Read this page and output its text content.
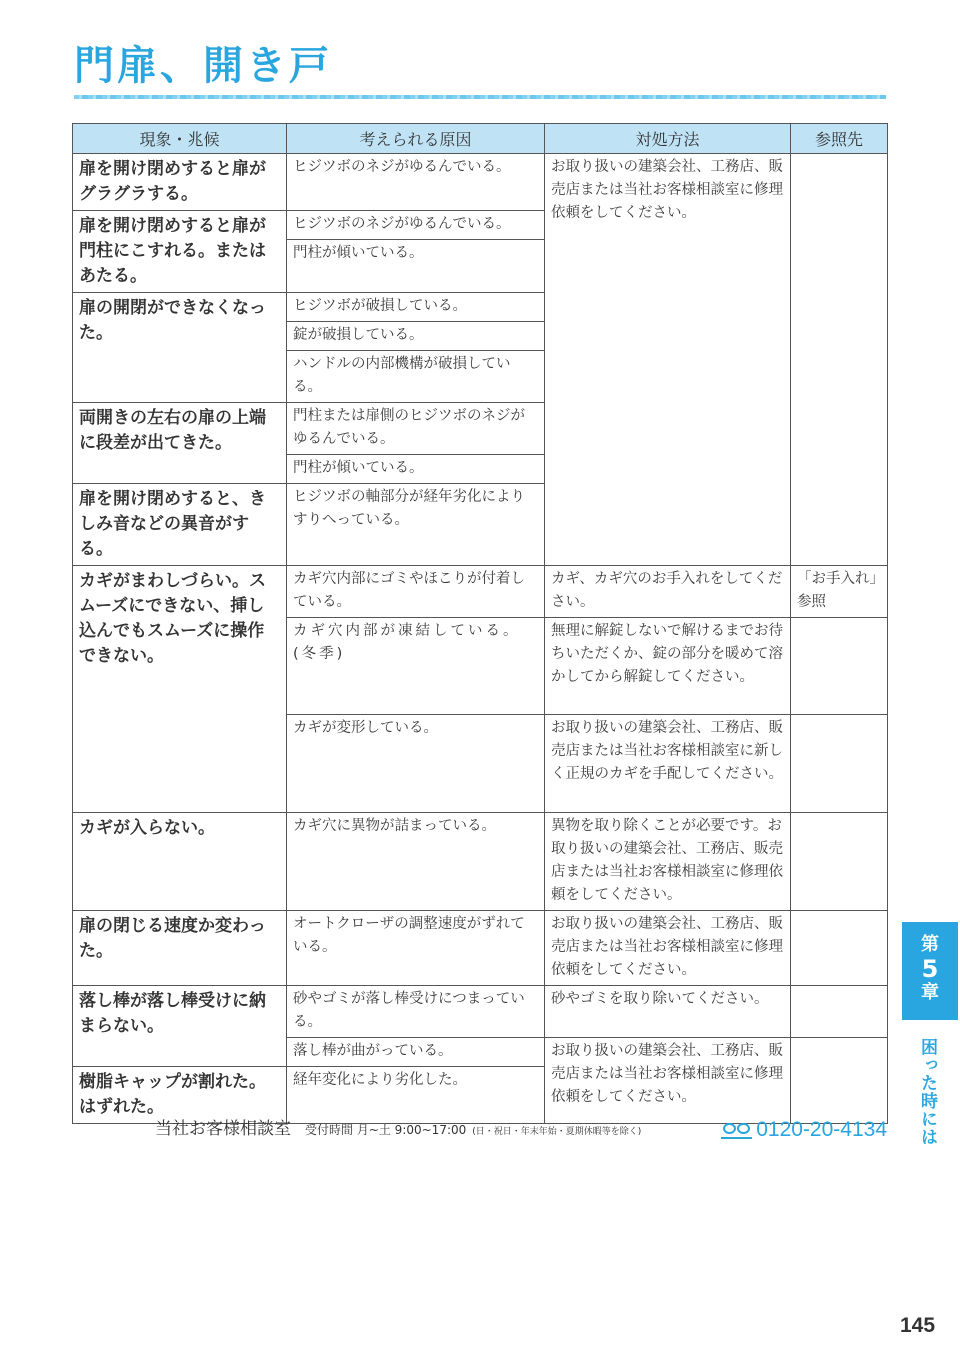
門扉、開き戸
現象・兆候	考えられる原因	対処方法	参照先
扉を開け閉めすると扉がグラグラする。	ヒジツボのネジがゆるんでいる。	お取り扱いの建築会社、工務店、販売店または当社お客様相談室に修理依頼をしてください。	
扉を開け閉めすると扉が門柱にこすれる。またはあたる。	ヒジツボのネジがゆるんでいる。		
	門柱が傾いている。		
扉の開閉ができなくなった。	ヒジツボが破損している。		
	錠が破損している。		
	ハンドルの内部機構が破損している。		
両開きの左右の扉の上端に段差が出てきた。	門柱または扉側のヒジツボのネジがゆるんでいる。		
	門柱が傾いている。		
扉を開け閉めすると、きしみ音などの異音がする。	ヒジツボの軸部分が経年劣化によりすりへっている。		
カギがまわしづらい。スムーズにできない、挿し込んでもスムーズに操作できない。	カギ穴内部にゴミやほこりが付着している。	カギ、カギ穴のお手入れをしてください。	「お手入れ」参照
	カギ穴内部が凍結している。(冬季)	無理に解錠しないで解けるまでお待ちいただくか、錠の部分を暖めて溶かしてから解錠してください。	
	カギが変形している。	お取り扱いの建築会社、工務店、販売店または当社お客様相談室に新しく正規のカギを手配してください。	
カギが入らない。	カギ穴に異物が詰まっている。	異物を取り除くことが必要です。お取り扱いの建築会社、工務店、販売店または当社お客様相談室に修理依頼をしてください。	
扉の閉じる速度か変わった。	オートクローザの調整速度がずれている。	お取り扱いの建築会社、工務店、販売店または当社お客様相談室に修理依頼をしてください。	
落し棒が落し棒受けに納まらない。	砂やゴミが落し棒受けにつまっている。	砂やゴミを取り除いてください。	
	落し棒が曲がっている。	お取り扱いの建築会社、工務店、販売店または当社お客様相談室に修理依頼をしてください。	
樹脂キャップが割れた。はずれた。	経年変化により劣化した。		
当社お客様相談室 受付時間 月~土 9:00~17:00 (日・祝日・年末年始・夏期休暇等を除く)	0120-20-4134
第
5
章
困った時には
145
